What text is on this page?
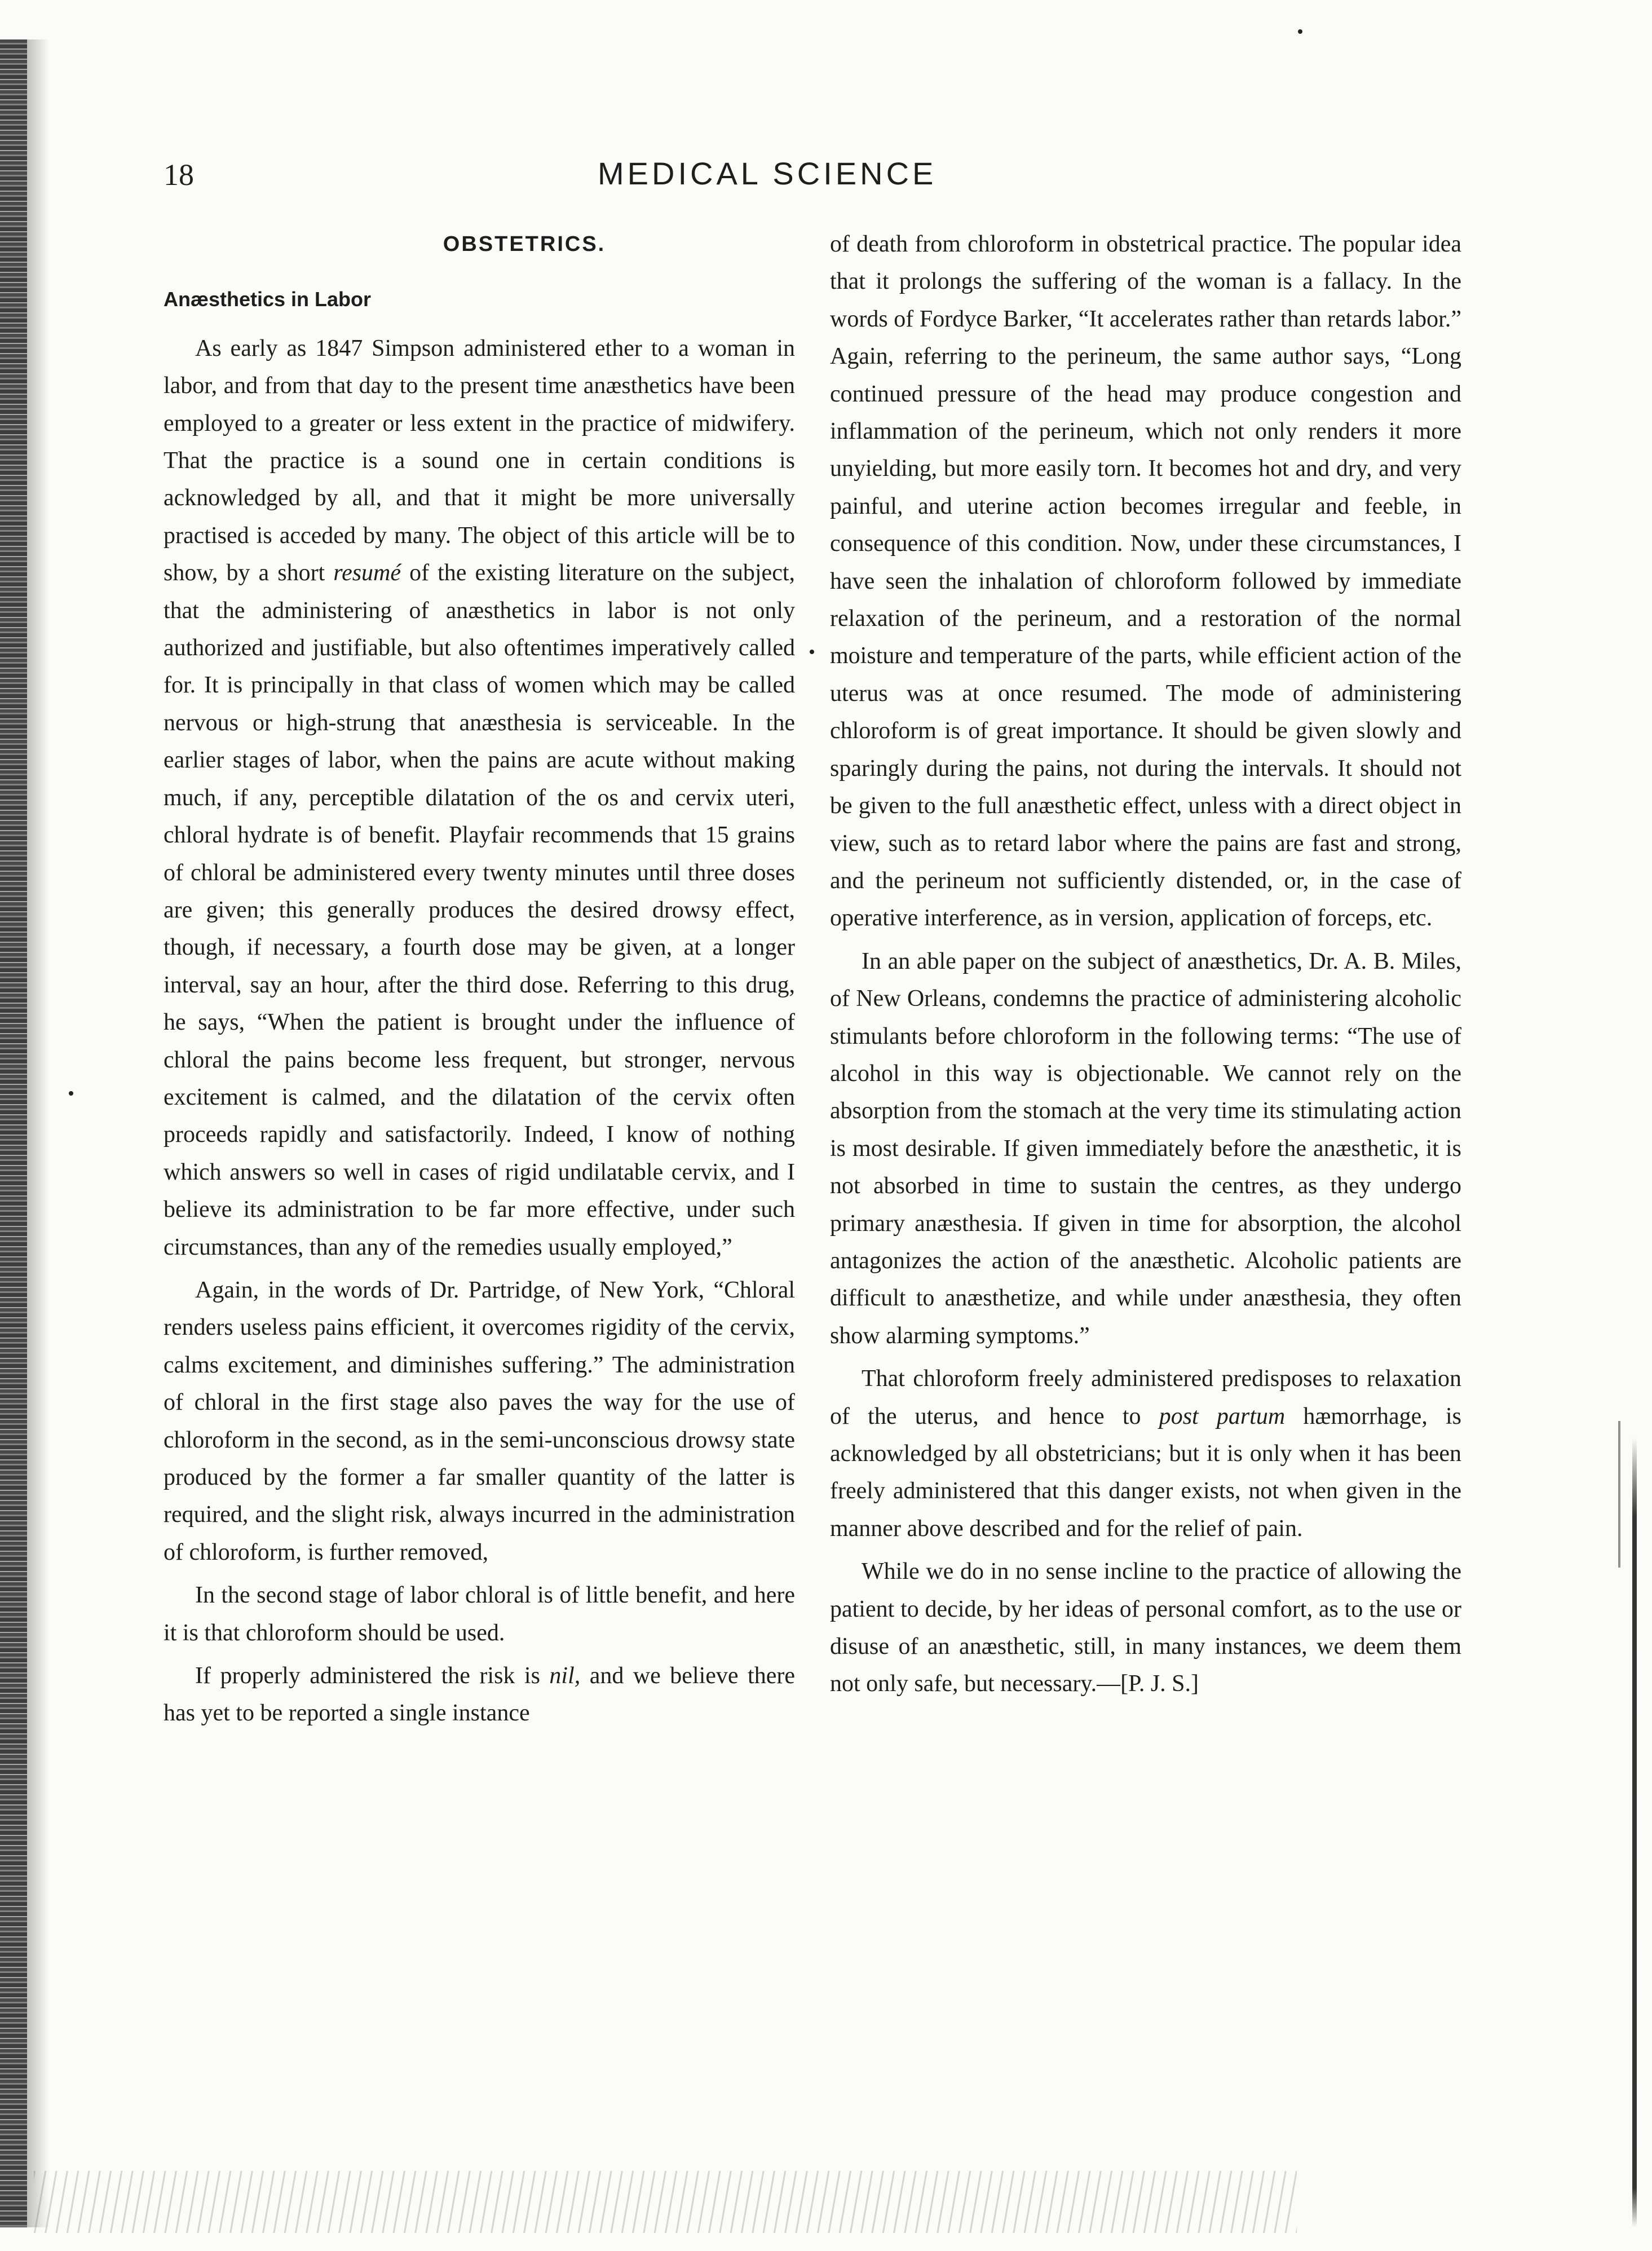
18	MEDICAL SCIENCE
OBSTETRICS.
Anæsthetics in Labor

As early as 1847 Simpson administered ether to a woman in labor, and from that day to the present time anæsthetics have been employed to a greater or less extent in the practice of midwifery. That the practice is a sound one in certain conditions is acknowledged by all, and that it might be more universally practised is acceded by many. The object of this article will be to show, by a short resumé of the existing literature on the subject, that the administering of anæsthetics in labor is not only authorized and justifiable, but also oftentimes imperatively called for. It is principally in that class of women which may be called nervous or high-strung that anæsthesia is serviceable. In the earlier stages of labor, when the pains are acute without making much, if any, perceptible dilatation of the os and cervix uteri, chloral hydrate is of benefit. Playfair recommends that 15 grains of chloral be administered every twenty minutes until three doses are given; this generally produces the desired drowsy effect, though, if necessary, a fourth dose may be given, at a longer interval, say an hour, after the third dose. Referring to this drug, he says, “When the patient is brought under the influence of chloral the pains become less frequent, but stronger, nervous excitement is calmed, and the dilatation of the cervix often proceeds rapidly and satisfactorily. Indeed, I know of nothing which answers so well in cases of rigid undilatable cervix, and I believe its administration to be far more effective, under such circumstances, than any of the remedies usually employed,”

Again, in the words of Dr. Partridge, of New York, “Chloral renders useless pains efficient, it overcomes rigidity of the cervix, calms excitement, and diminishes suffering.” The administration of chloral in the first stage also paves the way for the use of chloroform in the second, as in the semi-unconscious drowsy state produced by the former a far smaller quantity of the latter is required, and the slight risk, always incurred in the administration of chloroform, is further removed,

In the second stage of labor chloral is of little benefit, and here it is that chloroform should be used.

If properly administered the risk is nil, and we believe there has yet to be reported a single instance

of death from chloroform in obstetrical practice. The popular idea that it prolongs the suffering of the woman is a fallacy. In the words of Fordyce Barker, “It accelerates rather than retards labor.” Again, referring to the perineum, the same author says, “Long continued pressure of the head may produce congestion and inflammation of the perineum, which not only renders it more unyielding, but more easily torn. It becomes hot and dry, and very painful, and uterine action becomes irregular and feeble, in consequence of this condition. Now, under these circumstances, I have seen the inhalation of chloroform followed by immediate relaxation of the perineum, and a restoration of the normal moisture and temperature of the parts, while efficient action of the uterus was at once resumed. The mode of administering chloroform is of great importance. It should be given slowly and sparingly during the pains, not during the intervals. It should not be given to the full anæsthetic effect, unless with a direct object in view, such as to retard labor where the pains are fast and strong, and the perineum not sufficiently distended, or, in the case of operative interference, as in version, application of forceps, etc.

In an able paper on the subject of anæsthetics, Dr. A. B. Miles, of New Orleans, condemns the practice of administering alcoholic stimulants before chloroform in the following terms: “The use of alcohol in this way is objectionable. We cannot rely on the absorption from the stomach at the very time its stimulating action is most desirable. If given immediately before the anæsthetic, it is not absorbed in time to sustain the centres, as they undergo primary anæsthesia. If given in time for absorption, the alcohol antagonizes the action of the anæsthetic. Alcoholic patients are difficult to anæsthetize, and while under anæsthesia, they often show alarming symptoms.”

That chloroform freely administered predisposes to relaxation of the uterus, and hence to post partum hæmorrhage, is acknowledged by all obstetricians; but it is only when it has been freely administered that this danger exists, not when given in the manner above described and for the relief of pain.

While we do in no sense incline to the practice of allowing the patient to decide, by her ideas of personal comfort, as to the use or disuse of an anæsthetic, still, in many instances, we deem them not only safe, but necessary.—[P. J. S.]
